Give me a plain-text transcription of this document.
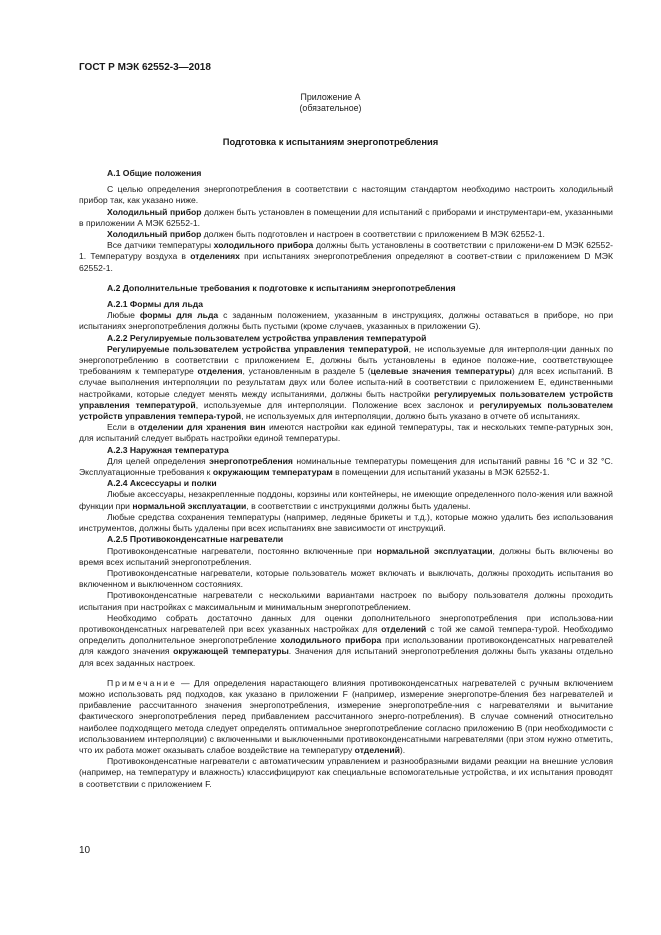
ГОСТ Р МЭК 62552-3—2018
Приложение А
(обязательное)
Подготовка к испытаниям энергопотребления

А.1 Общие положения

С целью определения энергопотребления в соответствии с настоящим стандартом необходимо настроить холодильный прибор так, как указано ниже.

Холодильный прибор должен быть установлен в помещении для испытаний с приборами и инструментари-ем, указанными в приложении А МЭК 62552-1.

Холодильный прибор должен быть подготовлен и настроен в соответствии с приложением В МЭК 62552-1.

Все датчики температуры холодильного прибора должны быть установлены в соответствии с приложени-ем D МЭК 62552-1. Температуру воздуха в отделениях при испытаниях энергопотребления определяют в соответ-ствии с приложением D МЭК 62552-1.

А.2 Дополнительные требования к подготовке к испытаниям энергопотребления

А.2.1 Формы для льда

Любые формы для льда с заданным положением, указанным в инструкциях, должны оставаться в приборе, но при испытаниях энергопотребления должны быть пустыми (кроме случаев, указанных в приложении G).

А.2.2 Регулируемые пользователем устройства управления температурой

Регулируемые пользователем устройства управления температурой, не используемые для интерполя-ции данных по энергопотреблению в соответствии с приложением Е, должны быть установлены в единое положе-ние, соответствующее требованиям к температуре отделения, установленным в разделе 5 (целевые значения температуры) для всех испытаний. В случае выполнения интерполяции по результатам двух или более испыта-ний в соответствии с приложением Е, единственными настройками, которые следует менять между испытаниями, должны быть настройки регулируемых пользователем устройств управления температурой, используемые для интерполяции. Положение всех заслонок и регулируемых пользователем устройств управления темпера-турой, не используемых для интерполяции, должно быть указано в отчете об испытаниях.

Если в отделении для хранения вин имеются настройки как единой температуры, так и нескольких темпе-ратурных зон, для испытаний следует выбрать настройки единой температуры.

А.2.3 Наружная температура

Для целей определения энергопотребления номинальные температуры помещения для испытаний равны 16 °С и 32 °С. Эксплуатационные требования к окружающим температурам в помещении для испытаний указаны в МЭК 62552-1.

А.2.4 Аксессуары и полки

Любые аксессуары, незакрепленные поддоны, корзины или контейнеры, не имеющие определенного поло-жения или важной функции при нормальной эксплуатации, в соответствии с инструкциями должны быть удалены.

Любые средства сохранения температуры (например, ледяные брикеты и т.д.), которые можно удалить без использования инструментов, должны быть удалены при всех испытаниях вне зависимости от инструкций.

А.2.5 Противоконденсатные нагреватели

Противоконденсатные нагреватели, постоянно включенные при нормальной эксплуатации, должны быть включены во время всех испытаний энергопотребления.

Противоконденсатные нагреватели, которые пользователь может включать и выключать, должны проходить испытания во включенном и выключенном состояниях.

Противоконденсатные нагреватели с несколькими вариантами настроек по выбору пользователя должны проходить испытания при настройках с максимальным и минимальным энергопотреблением.

Необходимо собрать достаточно данных для оценки дополнительного энергопотребления при использова-нии противоконденсатных нагревателей при всех указанных настройках для отделений с той же самой темпера-турой. Необходимо определить дополнительное энергопотребление холодильного прибора при использовании противоконденсатных нагревателей для каждого значения окружающей температуры. Значения для испытаний энергопотребления должны быть указаны отдельно для всех заданных настроек.

Примечание — Для определения нарастающего влияния противоконденсатных нагревателей с ручным включением можно использовать ряд подходов, как указано в приложении F (например, измерение энергопотре-бления без нагревателей и прибавление рассчитанного значения энергопотребления, измерение энергопотребле-ния с нагревателями и вычитание фактического энергопотребления перед прибавлением рассчитанного энерго-потребления). В случае сомнений относительно наиболее подходящего метода следует определять оптимальное энергопотребление согласно приложению В (при необходимости с использованием интерполяции) с включенными и выключенными противоконденсатными нагревателями (при этом нужно отметить, что их работа может оказывать слабое воздействие на температуру отделений).

Противоконденсатные нагреватели с автоматическим управлением и разнообразными видами реакции на внешние условия (например, на температуру и влажность) классифицируют как специальные вспомогательные устройства, и их испытания проводят в соответствии с приложением F.

10
